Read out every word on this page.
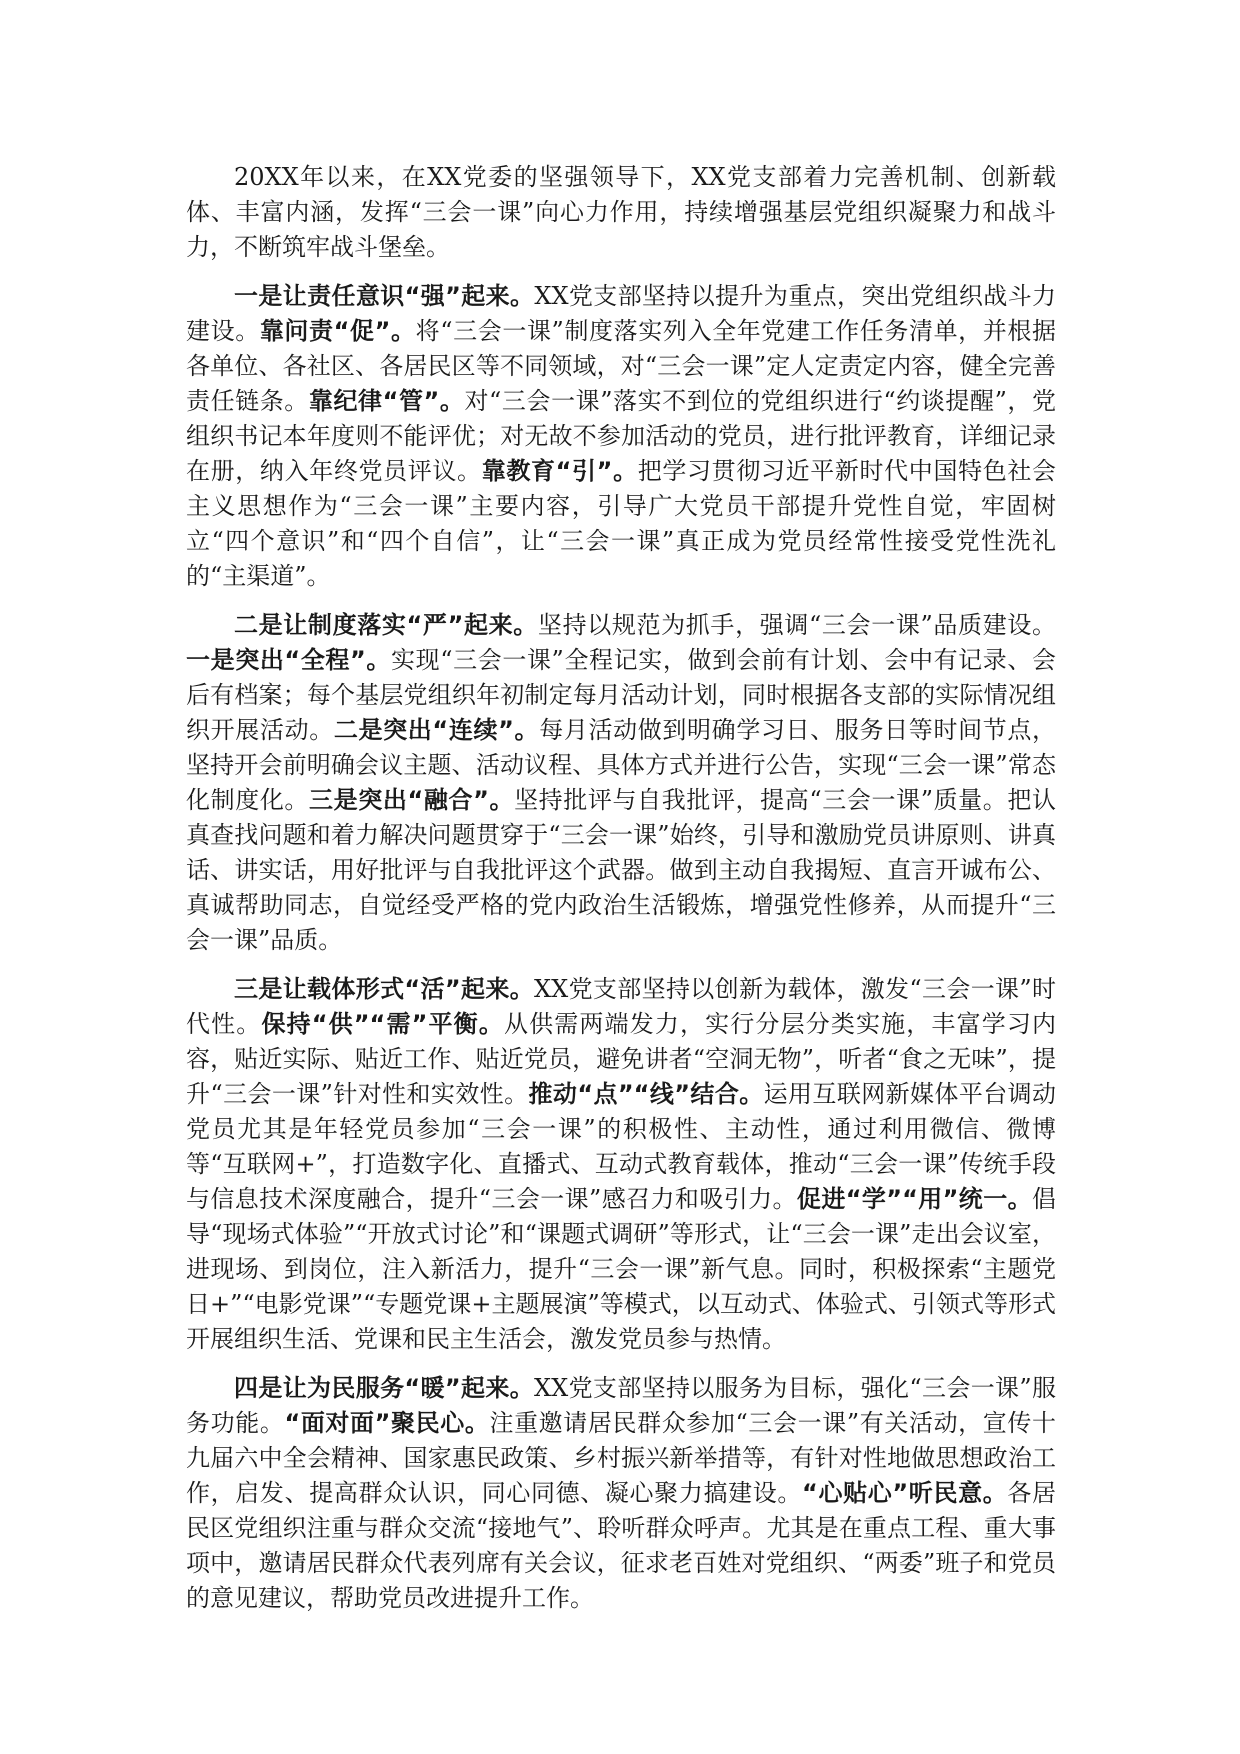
20XX年以来，在XX党委的坚强领导下，XX党支部着力完善机制、创新载体、丰富内涵，发挥“三会一课”向心力作用，持续增强基层党组织凝聚力和战斗力，不断筑牢战斗堡垒。

一是让责任意识“强”起来。XX党支部坚持以提升为重点，突出党组织战斗力建设。靠问责“促”。将“三会一课”制度落实列入全年党建工作任务清单，并根据各单位、各社区、各居民区等不同领域，对“三会一课”定人定责定内容，健全完善责任链条。靠纪律“管”。对“三会一课”落实不到位的党组织进行“约谈提醒”，党组织书记本年度则不能评优；对无故不参加活动的党员，进行批评教育，详细记录在册，纳入年终党员评议。靠教育“引”。把学习贯彻习近平新时代中国特色社会主义思想作为“三会一课”主要内容，引导广大党员干部提升党性自觉，牢固树立“四个意识”和“四个自信”，让“三会一课”真正成为党员经常性接受党性洗礼的“主渠道”。

二是让制度落实“严”起来。坚持以规范为抓手，强调“三会一课”品质建设。一是突出“全程”。实现“三会一课”全程记实，做到会前有计划、会中有记录、会后有档案；每个基层党组织年初制定每月活动计划，同时根据各支部的实际情况组织开展活动。二是突出“连续”。每月活动做到明确学习日、服务日等时间节点，坚持开会前明确会议主题、活动议程、具体方式并进行公告，实现“三会一课”常态化制度化。三是突出“融合”。坚持批评与自我批评，提高“三会一课”质量。把认真查找问题和着力解决问题贯穿于“三会一课”始终，引导和激励党员讲原则、讲真话、讲实话，用好批评与自我批评这个武器。做到主动自我揭短、直言开诚布公、真诚帮助同志，自觉经受严格的党内政治生活锻炼，增强党性修养，从而提升“三会一课”品质。

三是让载体形式“活”起来。XX党支部坚持以创新为载体，激发“三会一课”时代性。保持“供”“需”平衡。从供需两端发力，实行分层分类实施，丰富学习内容，贴近实际、贴近工作、贴近党员，避免讲者“空洞无物”，听者“食之无味”，提升“三会一课”针对性和实效性。推动“点”“线”结合。运用互联网新媒体平台调动党员尤其是年轻党员参加“三会一课”的积极性、主动性，通过利用微信、微博等“互联网+”，打造数字化、直播式、互动式教育载体，推动“三会一课”传统手段与信息技术深度融合，提升“三会一课”感召力和吸引力。促进“学”“用”统一。倡导“现场式体验”“开放式讨论”和“课题式调研”等形式，让“三会一课”走出会议室，进现场、到岗位，注入新活力，提升“三会一课”新气息。同时，积极探索“主题党日+”“电影党课”“专题党课+主题展演”等模式，以互动式、体验式、引领式等形式开展组织生活、党课和民主生活会，激发党员参与热情。

四是让为民服务“暖”起来。XX党支部坚持以服务为目标，强化“三会一课”服务功能。“面对面”聚民心。注重邀请居民群众参加“三会一课”有关活动，宣传十九届六中全会精神、国家惠民政策、乡村振兴新举措等，有针对性地做思想政治工作，启发、提高群众认识，同心同德、凝心聚力搞建设。“心贴心”听民意。各居民区党组织注重与群众交流“接地气”、聆听群众呼声。尤其是在重点工程、重大事项中，邀请居民群众代表列席有关会议，征求老百姓对党组织、“两委”班子和党员的意见建议，帮助党员改进提升工作。
